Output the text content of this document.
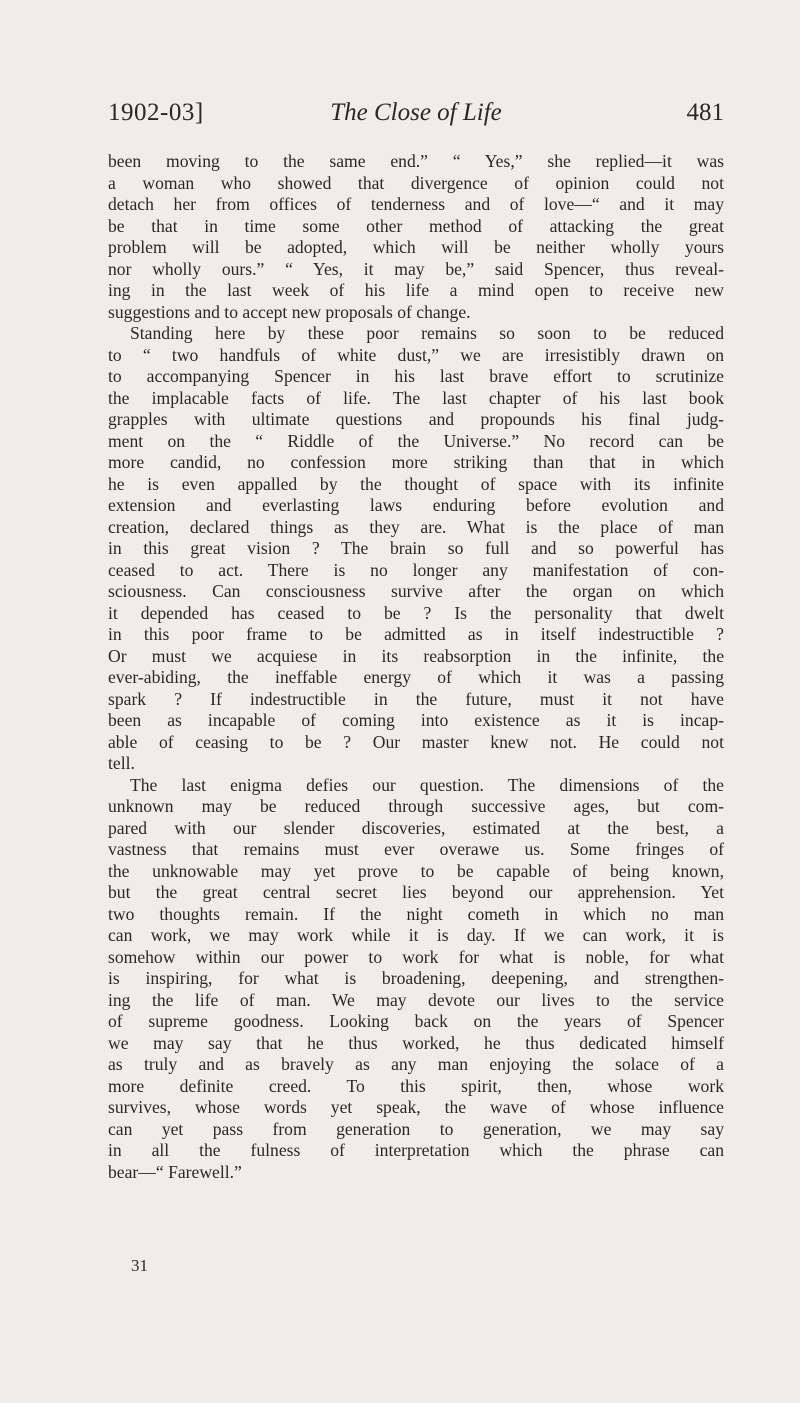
1902-03]	The Close of Life	481
been moving to the same end.” “ Yes,” she replied—it was
a woman who showed that divergence of opinion could not
detach her from offices of tenderness and of love—“ and it may
be that in time some other method of attacking the great
problem will be adopted, which will be neither wholly yours
nor wholly ours.” “ Yes, it may be,” said Spencer, thus reveal-
ing in the last week of his life a mind open to receive new
suggestions and to accept new proposals of change.
Standing here by these poor remains so soon to be reduced
to “ two handfuls of white dust,” we are irresistibly drawn on
to accompanying Spencer in his last brave effort to scrutinize
the implacable facts of life. The last chapter of his last book
grapples with ultimate questions and propounds his final judg-
ment on the “ Riddle of the Universe.” No record can be
more candid, no confession more striking than that in which
he is even appalled by the thought of space with its infinite
extension and everlasting laws enduring before evolution and
creation, declared things as they are. What is the place of man
in this great vision ? The brain so full and so powerful has
ceased to act. There is no longer any manifestation of con-
sciousness. Can consciousness survive after the organ on which
it depended has ceased to be ? Is the personality that dwelt
in this poor frame to be admitted as in itself indestructible ?
Or must we acquiese in its reabsorption in the infinite, the
ever-abiding, the ineffable energy of which it was a passing
spark ? If indestructible in the future, must it not have
been as incapable of coming into existence as it is incap-
able of ceasing to be ? Our master knew not. He could not
tell.
The last enigma defies our question. The dimensions of the
unknown may be reduced through successive ages, but com-
pared with our slender discoveries, estimated at the best, a
vastness that remains must ever overawe us. Some fringes of
the unknowable may yet prove to be capable of being known,
but the great central secret lies beyond our apprehension. Yet
two thoughts remain. If the night cometh in which no man
can work, we may work while it is day. If we can work, it is
somehow within our power to work for what is noble, for what
is inspiring, for what is broadening, deepening, and strengthen-
ing the life of man. We may devote our lives to the service
of supreme goodness. Looking back on the years of Spencer
we may say that he thus worked, he thus dedicated himself
as truly and as bravely as any man enjoying the solace of a
more definite creed. To this spirit, then, whose work
survives, whose words yet speak, the wave of whose influence
can yet pass from generation to generation, we may say
in all the fulness of interpretation which the phrase can
bear—“ Farewell.”
31
